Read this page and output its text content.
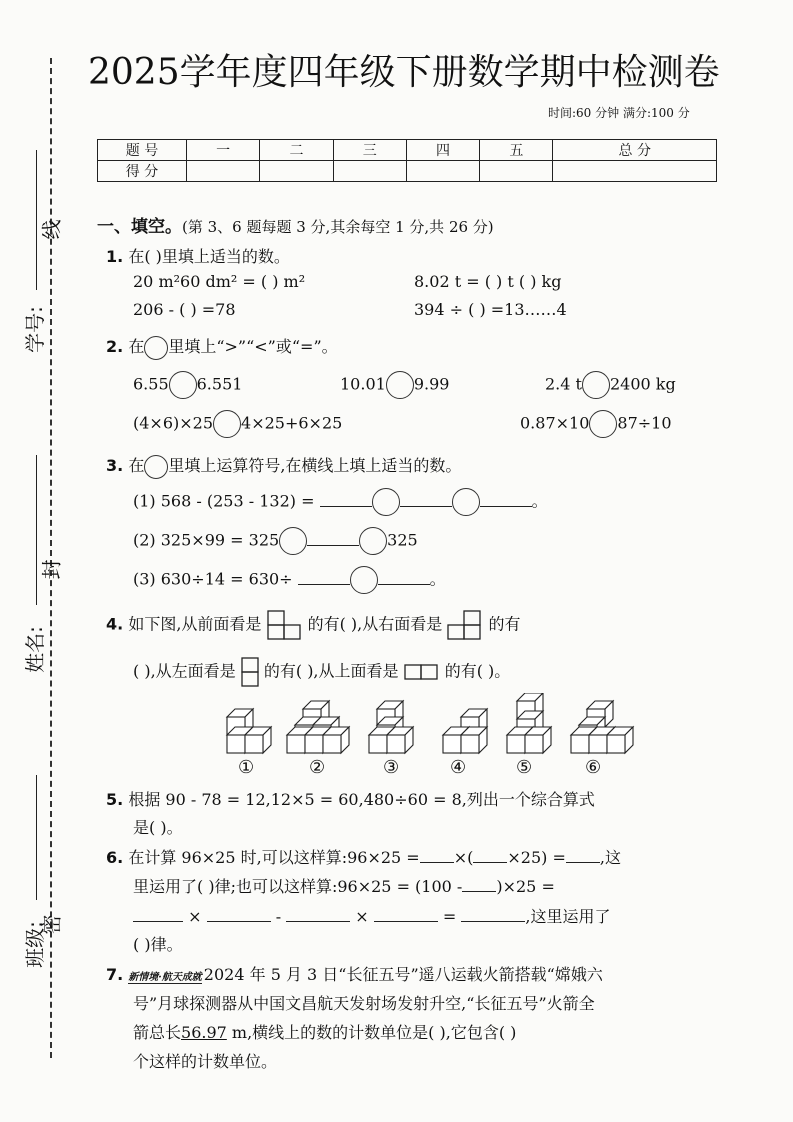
学号:
线
姓名:
封
班级:
密
2025学年度四年级下册数学期中检测卷
时间:60 分钟 满分:100 分
题 号	一	二	三	四	五	总 分
得 分						
一、填空。(第 3、6 题每题 3 分,其余每空 1 分,共 26 分)
1. 在( )里填上适当的数。
20 m²60 dm² = ( ) m²	8.02 t = ( ) t ( ) kg
206 - ( ) =78	394 ÷ ( ) =13……4
2. 在 里填上“>”“<”或“=”。
6.55 6.551	10.01 9.99	2.4 t 2400 kg
(4×6)×25 4×25+6×25	0.87×10 87÷10
3. 在 里填上运算符号,在横线上填上适当的数。
(1) 568 - (253 - 132) =	。
(2) 325×99 = 325	325
(3) 630÷14 = 630÷	。
4. 如下图,从前面看是	的有( ),从右面看是	的有
( ),从左面看是 的有( ),从上面看是	的有( )。
①	②	③	④	⑤	⑥
5. 根据 90 - 78 = 12,12×5 = 60,480÷60 = 8,列出一个综合算式
是( )。
6. 在计算 96×25 时,可以这样算:96×25 = ×( ×25) = ,这
里运用了( )律;也可以这样算:96×25 = (100 - )×25 =
×	-	×	=	,这里运用了
( )律。
7. 新情境·航天成就 2024 年 5 月 3 日“长征五号”遥八运载火箭搭载“嫦娥六
号”月球探测器从中国文昌航天发射场发射升空,“长征五号”火箭全
箭总长56.97 m,横线上的数的计数单位是( ),它包含( )
个这样的计数单位。
